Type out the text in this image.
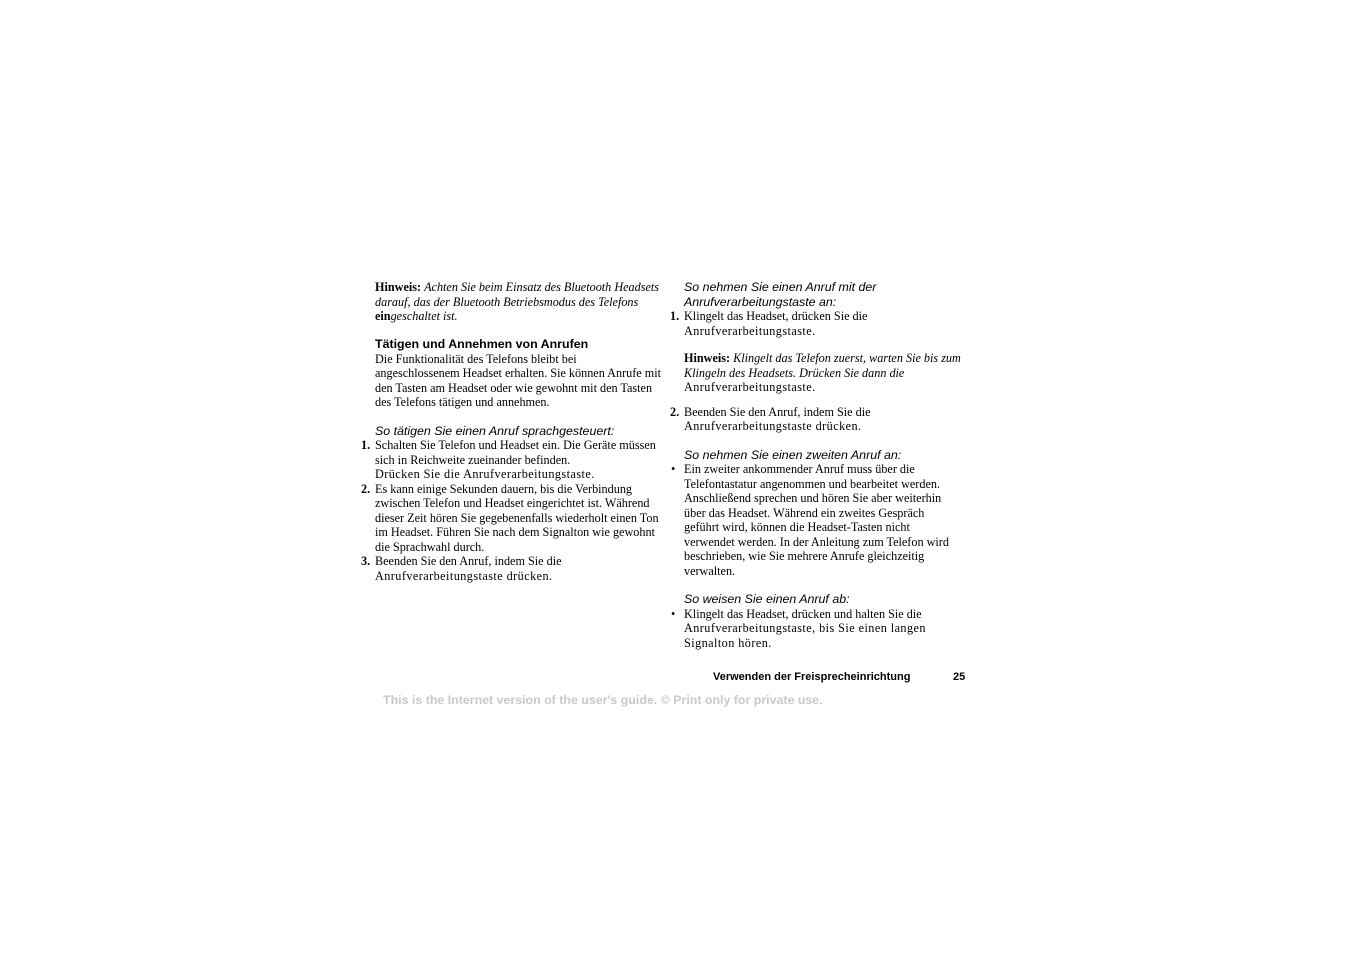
Hinweis: Achten Sie beim Einsatz des Bluetooth Headsets darauf, das der Bluetooth Betriebsmodus des Telefons eingeschaltet ist.

Tätigen und Annehmen von Anrufen

Die Funktionalität des Telefons bleibt bei angeschlossenem Headset erhalten. Sie können Anrufe mit den Tasten am Headset oder wie gewohnt mit den Tasten des Telefons tätigen und annehmen.

So tätigen Sie einen Anruf sprachgesteuert:
1. Schalten Sie Telefon und Headset ein. Die Geräte müssen sich in Reichweite zueinander befinden.
Drücken Sie die Anrufverarbeitungstaste.
2. Es kann einige Sekunden dauern, bis die Verbindung zwischen Telefon und Headset eingerichtet ist. Während dieser Zeit hören Sie gegebenenfalls wiederholt einen Ton im Headset. Führen Sie nach dem Signalton wie gewohnt die Sprachwahl durch.
3. Beenden Sie den Anruf, indem Sie die
Anrufverarbeitungstaste drücken.
So nehmen Sie einen Anruf mit der Anrufverarbeitungstaste an:
1. Klingelt das Headset, drücken Sie die
Anrufverarbeitungstaste.

Hinweis: Klingelt das Telefon zuerst, warten Sie bis zum Klingeln des Headsets. Drücken Sie dann die
Anrufverarbeitungstaste.

2. Beenden Sie den Anruf, indem Sie die
Anrufverarbeitungstaste drücken.
So nehmen Sie einen zweiten Anruf an:
• Ein zweiter ankommender Anruf muss über die Telefontastatur angenommen und bearbeitet werden. Anschließend sprechen und hören Sie aber weiterhin über das Headset. Während ein zweites Gespräch geführt wird, können die Headset-Tasten nicht verwendet werden. In der Anleitung zum Telefon wird beschrieben, wie Sie mehrere Anrufe gleichzeitig verwalten.
So weisen Sie einen Anruf ab:
• Klingelt das Headset, drücken und halten Sie die
Anrufverarbeitungstaste, bis Sie einen langen Signalton hören.
Verwenden der Freisprecheinrichtung	25
This is the Internet version of the user's guide. © Print only for private use.
